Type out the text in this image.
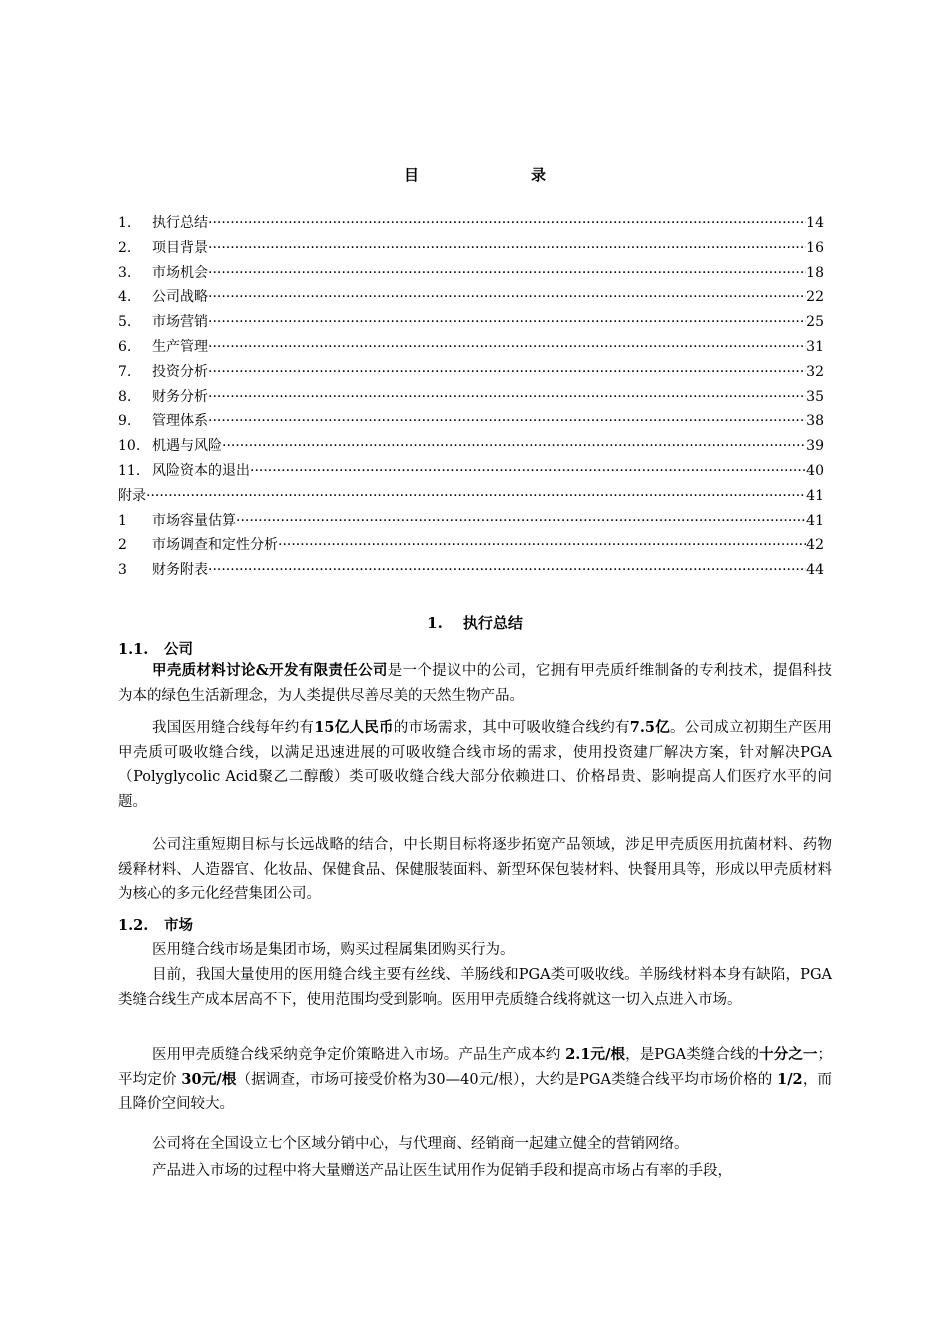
目	录
1.	执行总结 ·····	14
2.	项目背景 ·····	16
3.	市场机会 ·····	18
4.	公司战略 ·····	22
5.	市场营销 ·····	25
6.	生产管理 ·····	31
7.	投资分析 ·····	32
8.	财务分析 ·····	35
9.	管理体系 ·····	38
10. 机遇与风险 ·····	39
11. 风险资本的退出 ·····	40
附录 ·····	41
1	市场容量估算 ·····	41
2	市场调查和定性分析 ·····	42
3	财务附表 ·····	44
1. 执行总结
1.1. 公司
甲壳质材料讨论&开发有限责任公司是一个提议中的公司，它拥有甲壳质纤维制备的专利技术，提倡科技为本的绿色生活新理念，为人类提供尽善尽美的天然生物产品。
我国医用缝合线每年约有15亿人民币的市场需求，其中可吸收缝合线约有7.5亿。公司成立初期生产医用甲壳质可吸收缝合线，以满足迅速进展的可吸收缝合线市场的需求，使用投资建厂解决方案，针对解决PGA（Polyglycolic Acid聚乙二醇酸）类可吸收缝合线大部分依赖进口、价格昂贵、影响提高人们医疗水平的问题。
公司注重短期目标与长远战略的结合，中长期目标将逐步拓宽产品领域，涉足甲壳质医用抗菌材料、药物缓释材料、人造器官、化妆品、保健食品、保健服装面料、新型环保包装材料、快餐用具等，形成以甲壳质材料为核心的多元化经营集团公司。
1.2. 市场
医用缝合线市场是集团市场，购买过程属集团购买行为。
目前，我国大量使用的医用缝合线主要有丝线、羊肠线和PGA类可吸收线。羊肠线材料本身有缺陷，PGA类缝合线生产成本居高不下，使用范围均受到影响。医用甲壳质缝合线将就这一切入点进入市场。
医用甲壳质缝合线采纳竞争定价策略进入市场。产品生产成本约 2.1元/根，是PGA类缝合线的十分之一；平均定价 30元/根（据调查，市场可接受价格为30—40元/根），大约是PGA类缝合线平均市场价格的 1/2，而且降价空间较大。
公司将在全国设立七个区域分销中心，与代理商、经销商一起建立健全的营销网络。
产品进入市场的过程中将大量赠送产品让医生试用作为促销手段和提高市场占有率的手段，
